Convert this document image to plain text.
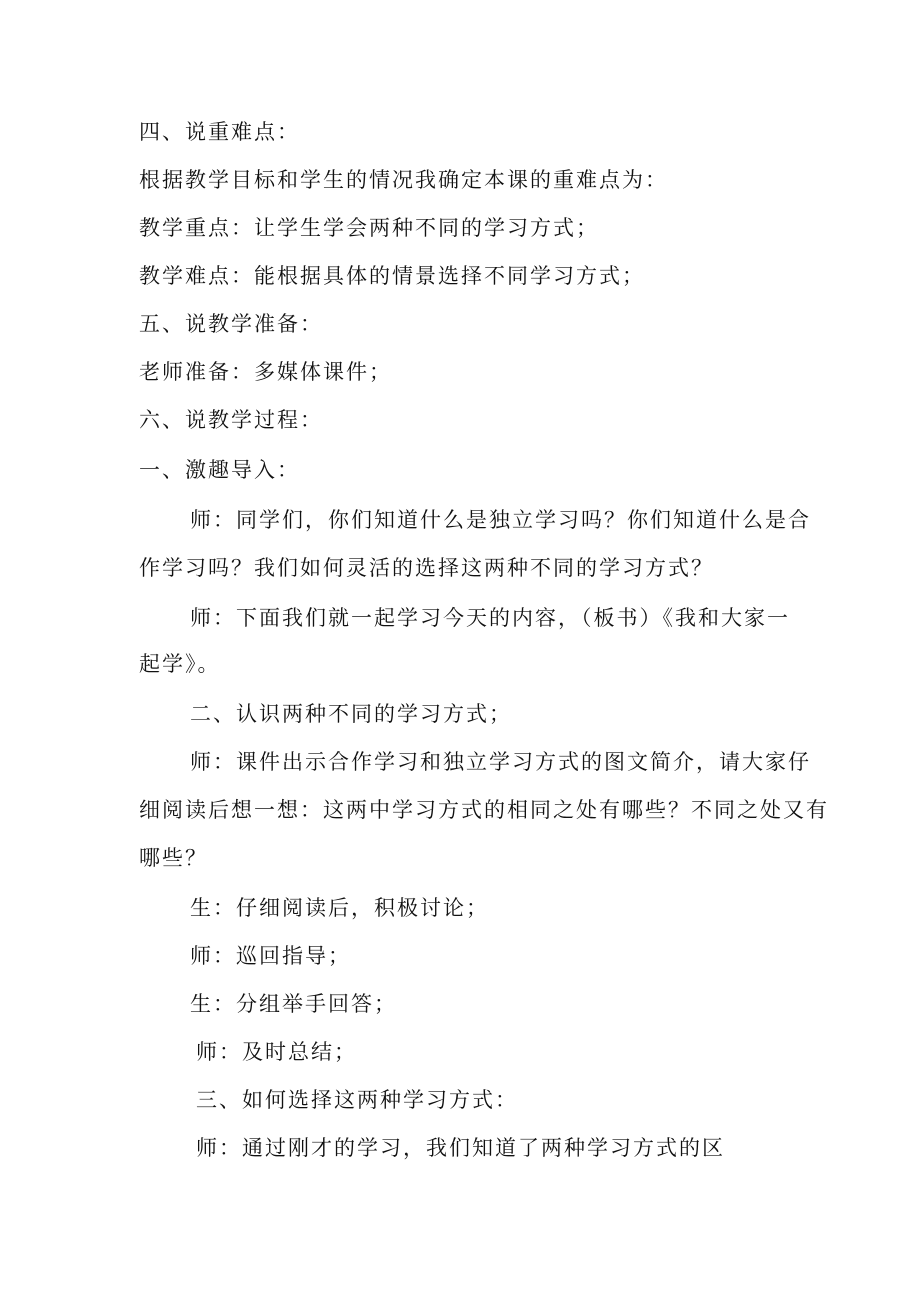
四、说重难点：
根据教学目标和学生的情况我确定本课的重难点为：
教学重点：让学生学会两种不同的学习方式；
教学难点：能根据具体的情景选择不同学习方式；
五、说教学准备：
老师准备：多媒体课件；
六、说教学过程：
一、激趣导入：
师：同学们，你们知道什么是独立学习吗？你们知道什么是合
作学习吗？我们如何灵活的选择这两种不同的学习方式？
师：下面我们就一起学习今天的内容，（板书）《我和大家一
起学》。
二、认识两种不同的学习方式；
师：课件出示合作学习和独立学习方式的图文简介，请大家仔
细阅读后想一想：这两中学习方式的相同之处有哪些？不同之处又有
哪些？
生：仔细阅读后，积极讨论；
师：巡回指导；
生：分组举手回答；
师：及时总结；
三、如何选择这两种学习方式：
师：通过刚才的学习，我们知道了两种学习方式的区
